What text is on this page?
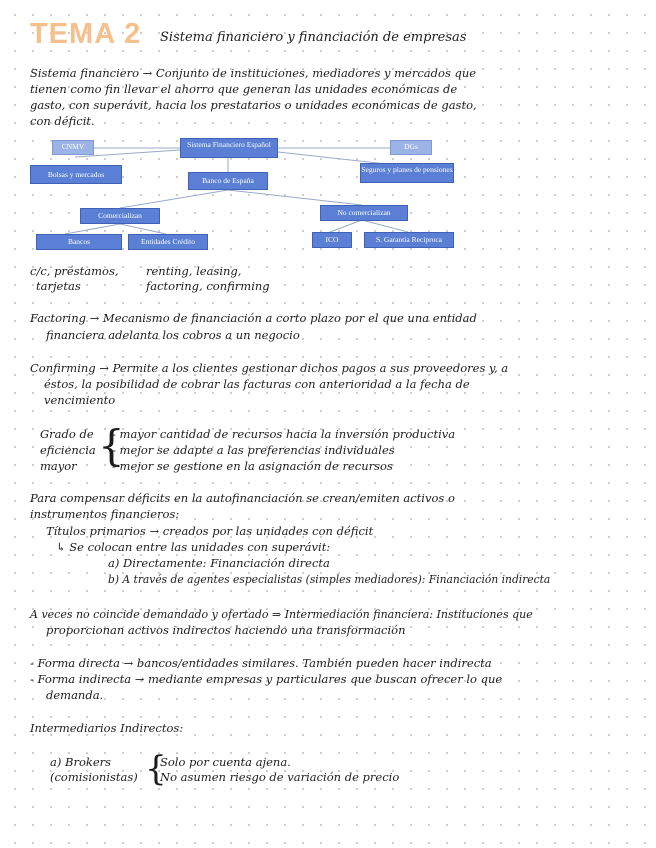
TEMA 2 Sistema financiero y financiación de empresas
Sistema financiero → Conjunto de instituciones, mediadores y mercados que
tienen como fin llevar el ahorro que generan las unidades económicas de
gasto, con superávit, hacia los prestatarios o unidades económicas de gasto,
con déficit.
CNMV	Sistema Financiero Español	DGs
Bolsas y mercados
Banco de España
Seguros y planes de pensiones
Comercializan	No comercializan
Bancos	Entidades Crédito	ICO	S. Garantía Recíproca
c/c, préstamos,
tarjetas
renting, leasing,
factoring, confirming
Factoring → Mecanismo de financiación a corto plazo por el que una entidad
financiera adelanta los cobros a un negocio
Confirming → Permite a los clientes gestionar dichos pagos a sus proveedores y, a
éstos, la posibilidad de cobrar las facturas con anterioridad a la fecha de
vencimiento
Grado de
eficiencia
mayor {
- mayor cantidad de recursos hacia la inversión productiva
- mejor se adapte a las preferencias individuales
- mejor se gestione en la asignación de recursos
Para compensar déficits en la autofinanciación se crean/emiten activos o
instrumentos financieros:
Títulos primarios → creados por las unidades con déficit
↳ Se colocan entre las unidades con superávit:
a) Directamente: Financiación directa
b) A través de agentes especialistas (simples mediadores): Financiación indirecta
A veces no coincide demandado y ofertado ⇒ Intermediación financiera: Instituciones que
proporcionan activos indirectos haciendo una transformación
- Forma directa → bancos/entidades similares. También pueden hacer indirecta
- Forma indirecta → mediante empresas y particulares que buscan ofrecer lo que
demanda.
Intermediarios Indirectos:
a) Brokers
(comisionistas) {
Solo por cuenta ajena.
No asumen riesgo de variación de precio
